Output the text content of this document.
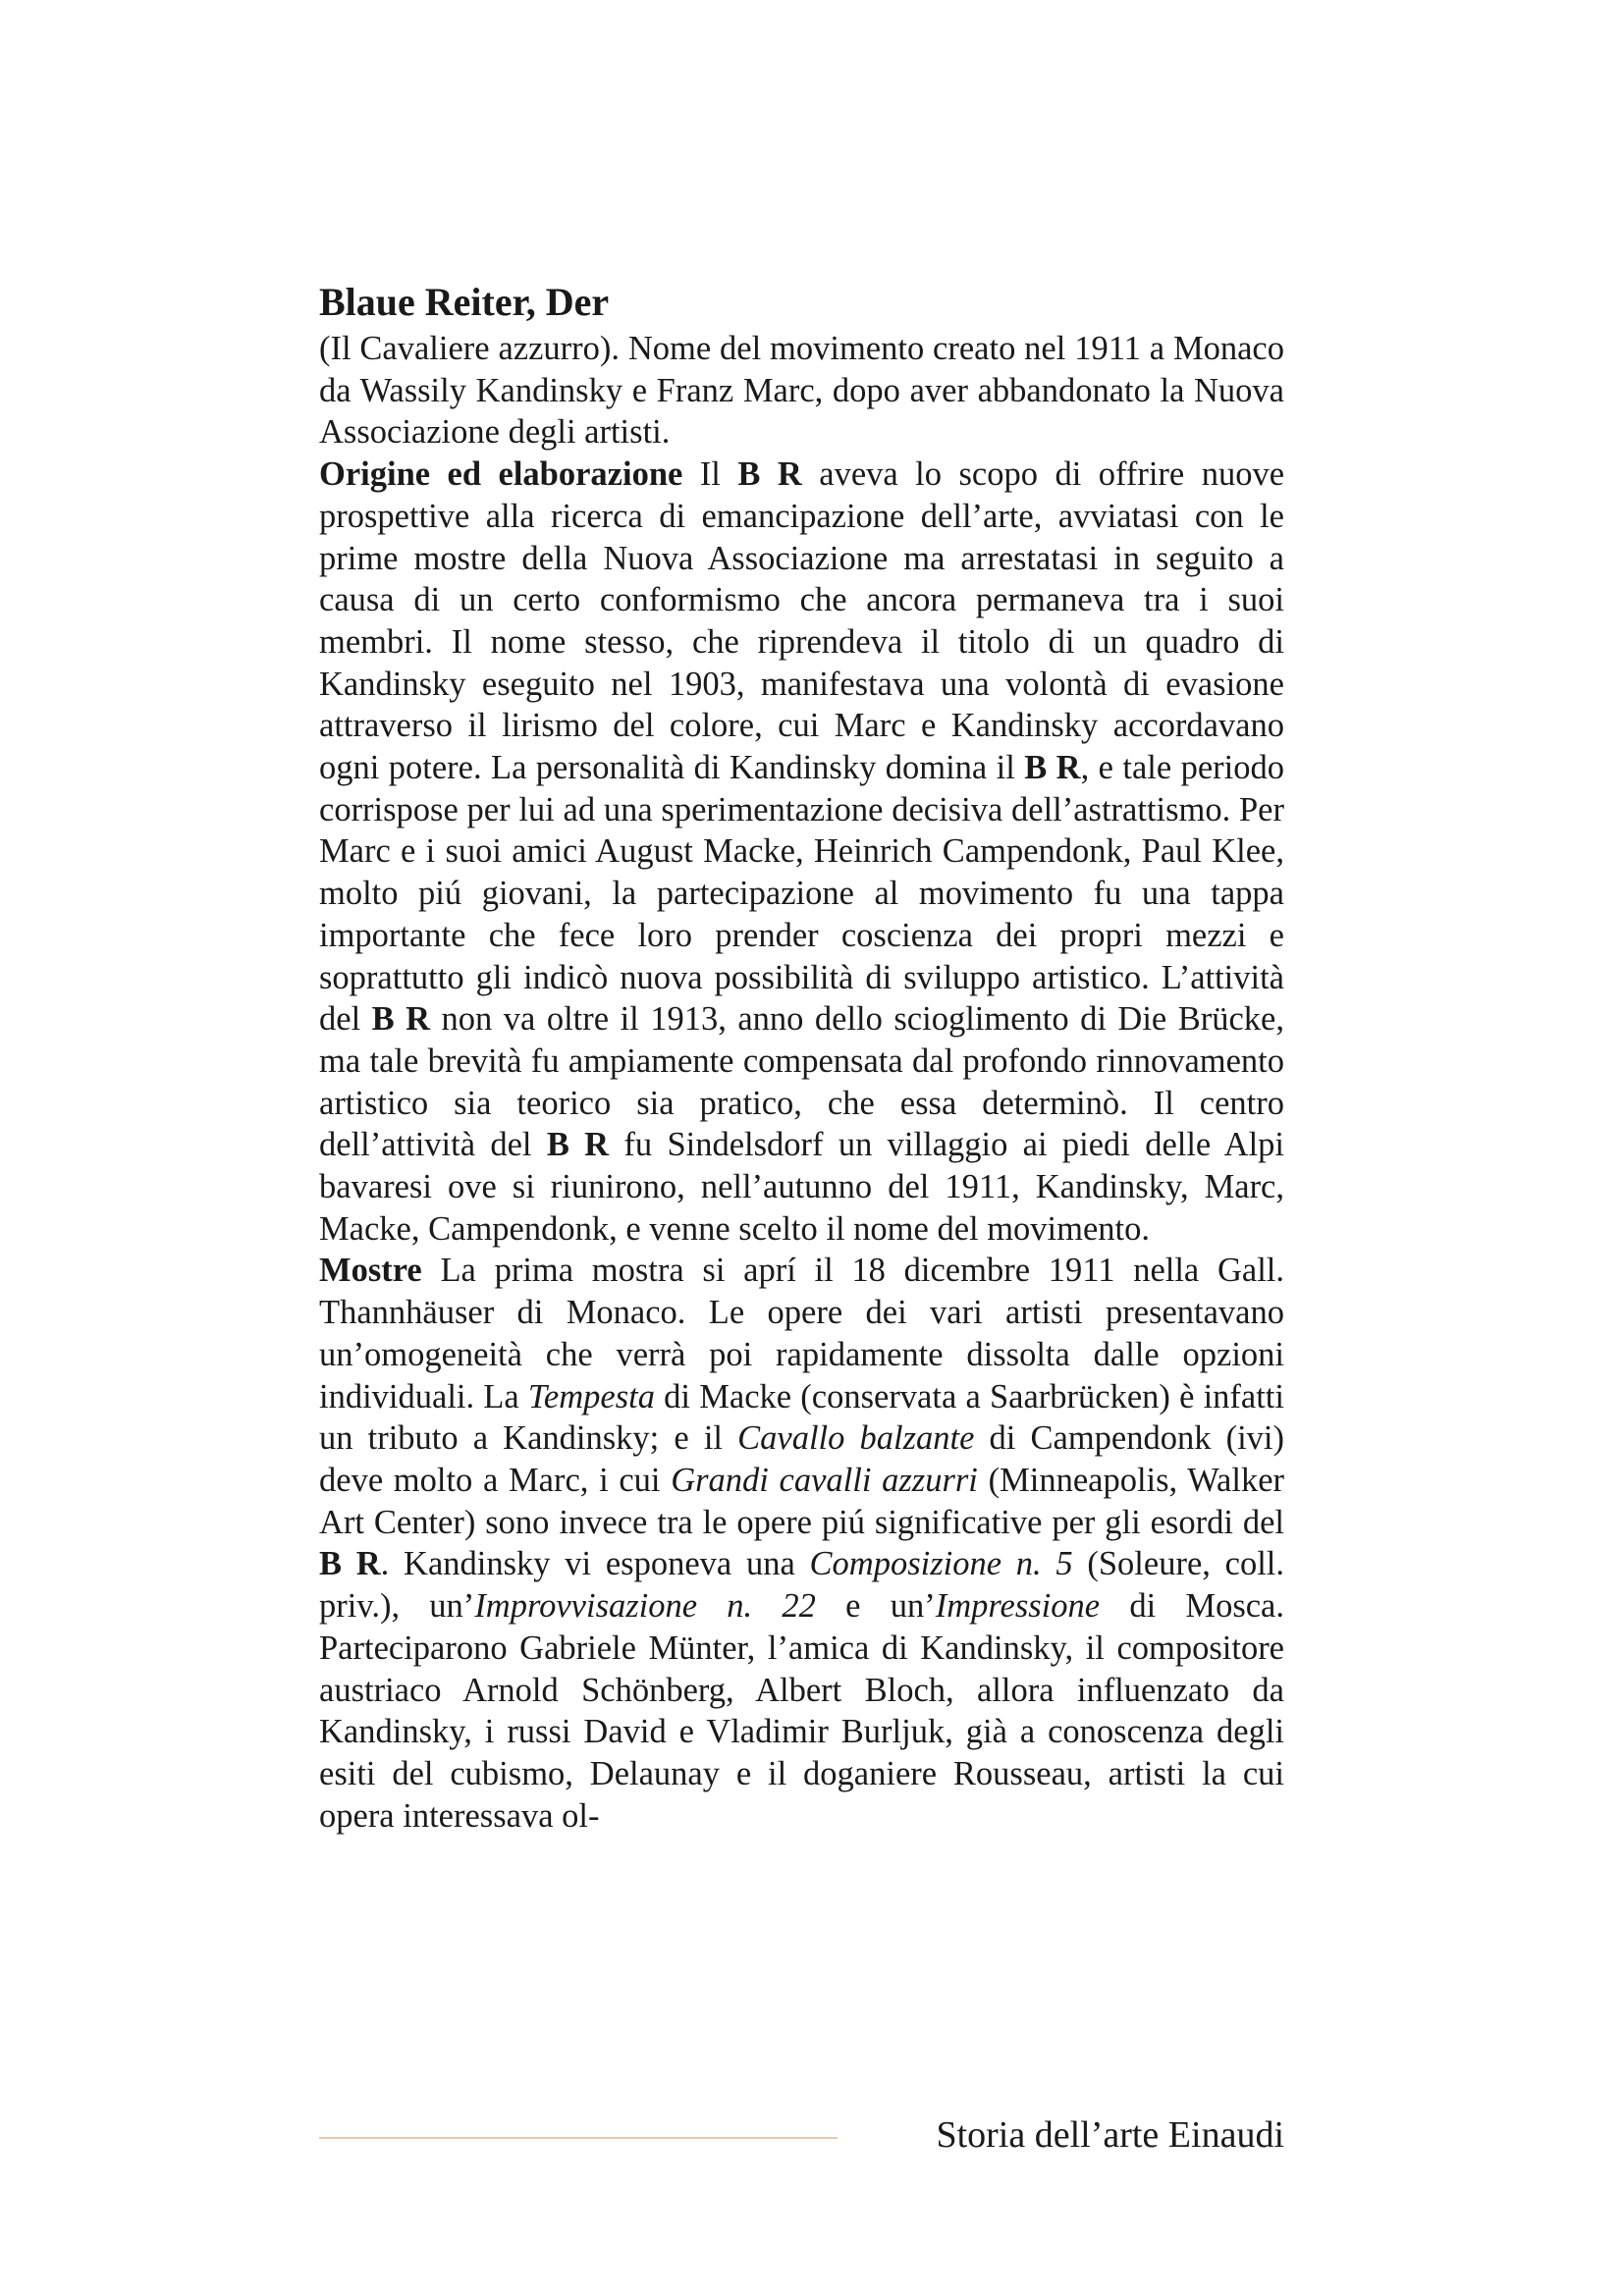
Blaue Reiter, Der

(Il Cavaliere azzurro). Nome del movimento creato nel 1911 a Monaco da Wassily Kandinsky e Franz Marc, dopo aver abbandonato la Nuova Associazione degli artisti.

Origine ed elaborazione Il B R aveva lo scopo di offrire nuove prospettive alla ricerca di emancipazione dell’arte, avviatasi con le prime mostre della Nuova Associazione ma arrestatasi in seguito a causa di un certo conformismo che ancora permaneva tra i suoi membri. Il nome stesso, che riprendeva il titolo di un quadro di Kandinsky eseguito nel 1903, manifestava una volontà di evasione attraverso il lirismo del colore, cui Marc e Kandinsky accordavano ogni potere. La personalità di Kandinsky domina il B R, e tale periodo corrispose per lui ad una sperimentazione decisiva dell’astrattismo. Per Marc e i suoi amici August Macke, Heinrich Campendonk, Paul Klee, molto piú giovani, la partecipazione al movimento fu una tappa importante che fece loro prender coscienza dei propri mezzi e soprattutto gli indicò nuova possibilità di sviluppo artistico. L’attività del B R non va oltre il 1913, anno dello scioglimento di Die Brücke, ma tale brevità fu ampiamente compensata dal profondo rinnovamento artistico sia teorico sia pratico, che essa determinò. Il centro dell’attività del B R fu Sindelsdorf un villaggio ai piedi delle Alpi bavaresi ove si riunirono, nell’autunno del 1911, Kandinsky, Marc, Macke, Campendonk, e venne scelto il nome del movimento.

Mostre La prima mostra si aprí il 18 dicembre 1911 nella Gall. Thannhäuser di Monaco. Le opere dei vari artisti presentavano un’omogeneità che verrà poi rapidamente dissolta dalle opzioni individuali. La Tempesta di Macke (conservata a Saarbrücken) è infatti un tributo a Kandinsky; e il Cavallo balzante di Campendonk (ivi) deve molto a Marc, i cui Grandi cavalli azzurri (Minneapolis, Walker Art Center) sono invece tra le opere piú significative per gli esordi del B R. Kandinsky vi esponeva una Composizione n. 5 (Soleure, coll. priv.), un’Improvvisazione n. 22 e un’Impressione di Mosca. Parteciparono Gabriele Münter, l’amica di Kandinsky, il compositore austriaco Arnold Schönberg, Albert Bloch, allora influenzato da Kandinsky, i russi David e Vladimir Burljuk, già a conoscenza degli esiti del cubismo, Delaunay e il doganiere Rousseau, artisti la cui opera interessava ol-

Storia dell’arte Einaudi
